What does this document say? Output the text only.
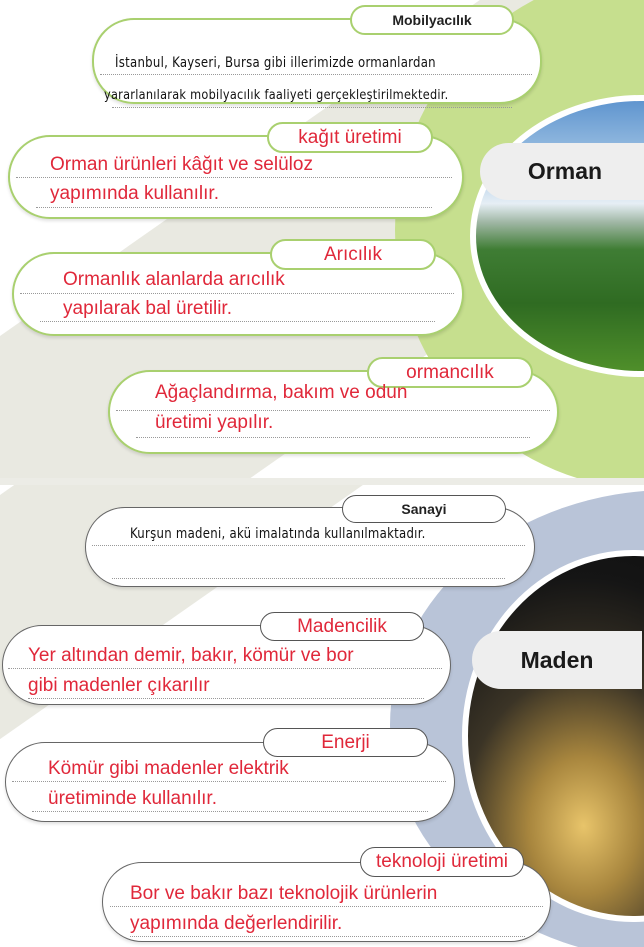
Orman
Mobilyacılık
İstanbul, Kayseri, Bursa gibi illerimizde ormanlardan
yararlanılarak mobilyacılık faaliyeti gerçekleştirilmektedir.
kağıt üretimi
Orman ürünleri kâğıt ve selüloz
yapımında kullanılır.
Arıcılık
Ormanlık alanlarda arıcılık
yapılarak bal üretilir.
ormancılık
Ağaçlandırma, bakım ve odun
üretimi yapılır.
Maden
Sanayi
Kurşun madeni, akü imalatında kullanılmaktadır.
Madencilik
Yer altından demir, bakır, kömür ve bor
gibi madenler çıkarılır
Enerji
Kömür gibi madenler elektrik
üretiminde kullanılır.
teknoloji üretimi
Bor ve bakır bazı teknolojik ürünlerin
yapımında değerlendirilir.
